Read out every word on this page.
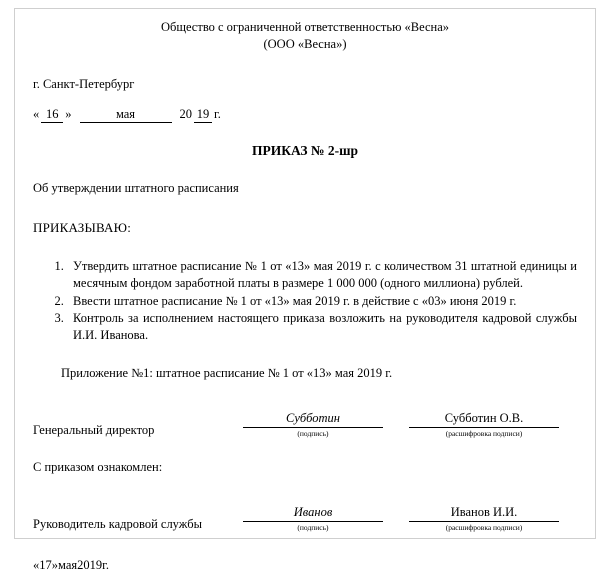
Общество с ограниченной ответственностью «Весна»
(ООО «Весна»)
г. Санкт-Петербург
« 16 »	мая	20 19 г.
ПРИКАЗ № 2-шр
Об утверждении штатного расписания
ПРИКАЗЫВАЮ:
1. Утвердить штатное расписание № 1 от «13» мая 2019 г. с количеством 31 штатной единицы и месячным фондом заработной платы в размере 1 000 000 (одного миллиона) рублей.
2. Ввести штатное расписание № 1 от «13» мая 2019 г. в действие с «03» июня 2019 г.
3. Контроль за исполнением настоящего приказа возложить на руководителя кадровой службы И.И. Иванова.
Приложение №1: штатное расписание № 1 от «13» мая 2019 г.
Генеральный директор
Субботин
(подпись)
Субботин О.В.
(расшифровка подписи)
С приказом ознакомлен:
Руководитель кадровой службы
Иванов
(подпись)
Иванов И.И.
(расшифровка подписи)
« 17 » мая 20 19 г.
